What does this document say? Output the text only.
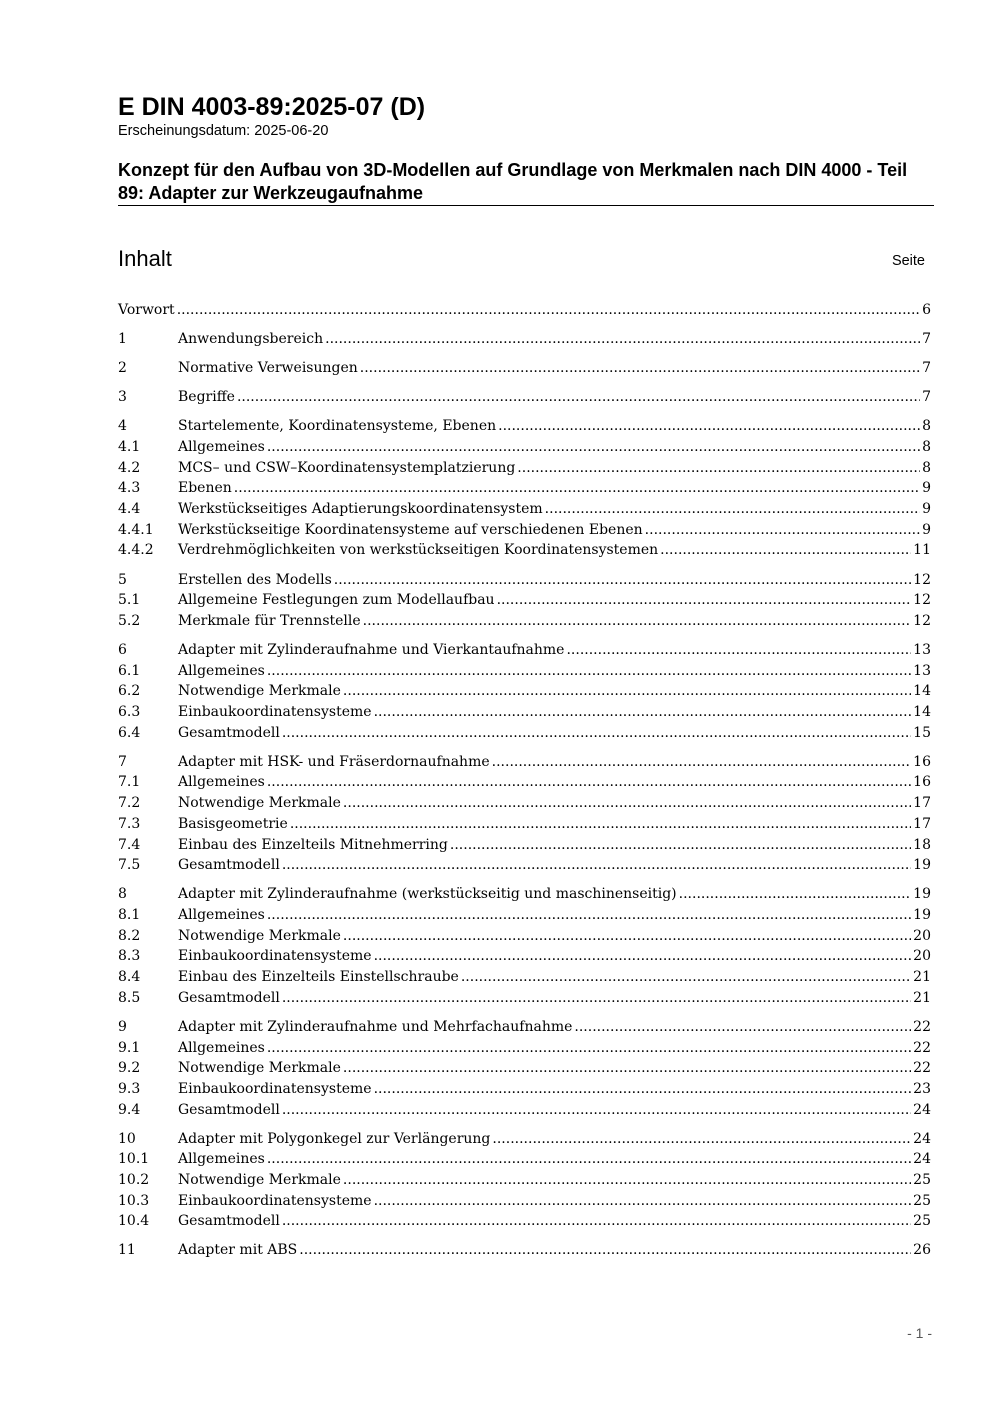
E DIN 4003-89:2025-07 (D)
Erscheinungsdatum: 2025-06-20
Konzept für den Aufbau von 3D-Modellen auf Grundlage von Merkmalen nach DIN 4000 - Teil 89: Adapter zur Werkzeugaufnahme
Inhalt	Seite
Vorwort .....	6
1	Anwendungsbereich .....	7
2	Normative Verweisungen .....	7
3	Begriffe .....	7
4	Startelemente, Koordinatensysteme, Ebenen .....	8
4.1	Allgemeines .....	8
4.2	MCS– und CSW–Koordinatensystemplatzierung .....	8
4.3	Ebenen .....	9
4.4	Werkstückseitiges Adaptierungskoordinatensystem .....	9
4.4.1	Werkstückseitige Koordinatensysteme auf verschiedenen Ebenen .....	9
4.4.2	Verdrehmöglichkeiten von werkstückseitigen Koordinatensystemen .....	11
5	Erstellen des Modells .....	12
5.1	Allgemeine Festlegungen zum Modellaufbau .....	12
5.2	Merkmale für Trennstelle .....	12
6	Adapter mit Zylinderaufnahme und Vierkantaufnahme .....	13
6.1	Allgemeines .....	13
6.2	Notwendige Merkmale .....	14
6.3	Einbaukoordinatensysteme .....	14
6.4	Gesamtmodell .....	15
7	Adapter mit HSK- und Fräserdornaufnahme .....	16
7.1	Allgemeines .....	16
7.2	Notwendige Merkmale .....	17
7.3	Basisgeometrie .....	17
7.4	Einbau des Einzelteils Mitnehmerring .....	18
7.5	Gesamtmodell .....	19
8	Adapter mit Zylinderaufnahme (werkstückseitig und maschinenseitig) .....	19
8.1	Allgemeines .....	19
8.2	Notwendige Merkmale .....	20
8.3	Einbaukoordinatensysteme .....	20
8.4	Einbau des Einzelteils Einstellschraube .....	21
8.5	Gesamtmodell .....	21
9	Adapter mit Zylinderaufnahme und Mehrfachaufnahme .....	22
9.1	Allgemeines .....	22
9.2	Notwendige Merkmale .....	22
9.3	Einbaukoordinatensysteme .....	23
9.4	Gesamtmodell .....	24
10	Adapter mit Polygonkegel zur Verlängerung .....	24
10.1	Allgemeines .....	24
10.2	Notwendige Merkmale .....	25
10.3	Einbaukoordinatensysteme .....	25
10.4	Gesamtmodell .....	25
11	Adapter mit ABS .....	26
- 1 -
